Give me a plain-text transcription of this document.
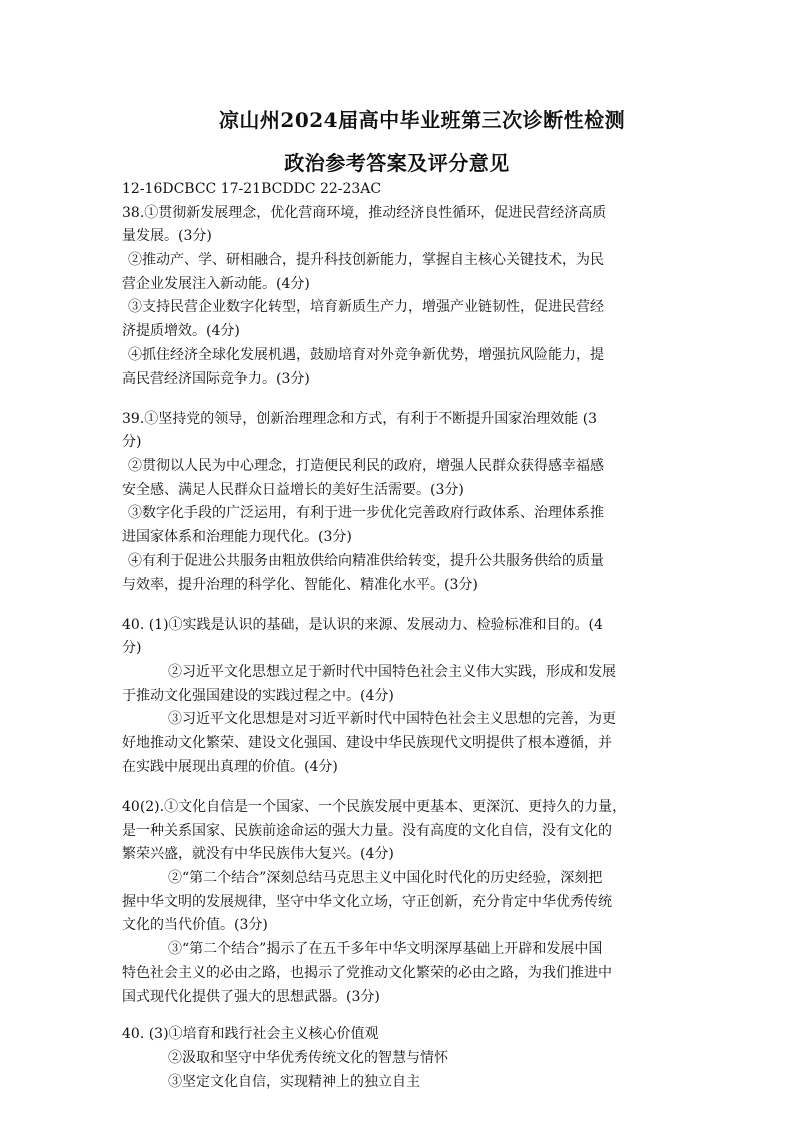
凉山州2024届高中毕业班第三次诊断性检测
政治参考答案及评分意见
12-16DCBCC 17-21BCDDC 22-23AC
38.①贯彻新发展理念，优化营商环境，推动经济良性循环，促进民营经济高质
量发展。(3分)
②推动产、学、研相融合，提升科技创新能力，掌握自主核心关键技术，为民
营企业发展注入新动能。(4分)
③支持民营企业数字化转型，培育新质生产力，增强产业链韧性，促进民营经
济提质增效。(4分)
④抓住经济全球化发展机遇，鼓励培育对外竞争新优势，增强抗风险能力，提
高民营经济国际竞争力。(3分)
39.①坚持党的领导，创新治理理念和方式，有利于不断提升国家治理效能 (3
分)
②贯彻以人民为中心理念，打造便民利民的政府，增强人民群众获得感幸福感
安全感、满足人民群众日益增长的美好生活需要。(3分)
③数字化手段的广泛运用，有利于进一步优化完善政府行政体系、治理体系推
进国家体系和治理能力现代化。(3分)
④有利于促进公共服务由粗放供给向精准供给转变，提升公共服务供给的质量
与效率，提升治理的科学化、智能化、精准化水平。(3分)
40. (1)①实践是认识的基础，是认识的来源、发展动力、检验标准和目的。(4
分)
②习近平文化思想立足于新时代中国特色社会主义伟大实践，形成和发展
于推动文化强国建设的实践过程之中。(4分)
③习近平文化思想是对习近平新时代中国特色社会主义思想的完善，为更
好地推动文化繁荣、建设文化强国、建设中华民族现代文明提供了根本遵循，并
在实践中展现出真理的价值。(4分)
40(2).①文化自信是一个国家、一个民族发展中更基本、更深沉、更持久的力量，
是一种关系国家、民族前途命运的强大力量。没有高度的文化自信，没有文化的
繁荣兴盛，就没有中华民族伟大复兴。(4分)
②“第二个结合”深刻总结马克思主义中国化时代化的历史经验，深刻把
握中华文明的发展规律，坚守中华文化立场，守正创新，充分肯定中华优秀传统
文化的当代价值。(3分)
③“第二个结合”揭示了在五千多年中华文明深厚基础上开辟和发展中国
特色社会主义的必由之路，也揭示了党推动文化繁荣的必由之路，为我们推进中
国式现代化提供了强大的思想武器。(3分)
40. (3)①培育和践行社会主义核心价值观
②汲取和坚守中华优秀传统文化的智慧与情怀
③坚定文化自信，实现精神上的独立自主
